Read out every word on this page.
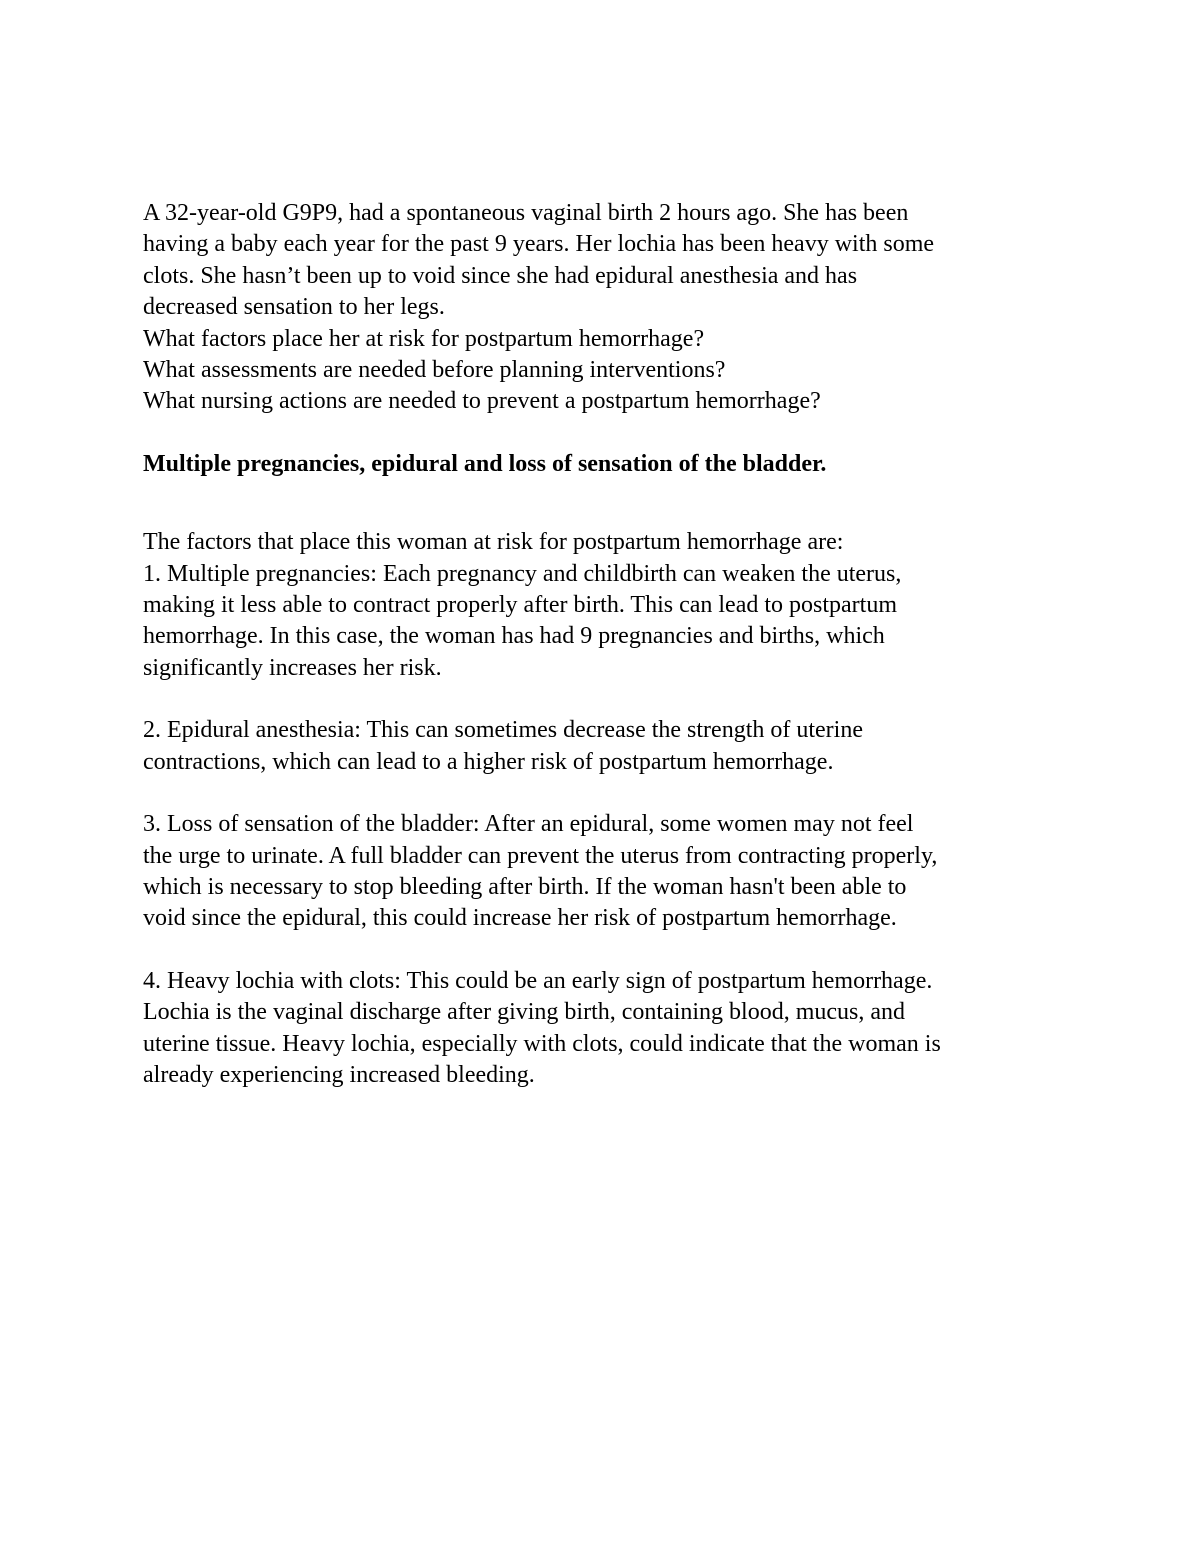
A 32-year-old G9P9, had a spontaneous vaginal birth 2 hours ago. She has been
having a baby each year for the past 9 years. Her lochia has been heavy with some
clots. She hasn’t been up to void since she had epidural anesthesia and has
decreased sensation to her legs.
What factors place her at risk for postpartum hemorrhage?
What assessments are needed before planning interventions?
What nursing actions are needed to prevent a postpartum hemorrhage?
Multiple pregnancies, epidural and loss of sensation of the bladder.
The factors that place this woman at risk for postpartum hemorrhage are:
1. Multiple pregnancies: Each pregnancy and childbirth can weaken the uterus,
making it less able to contract properly after birth. This can lead to postpartum
hemorrhage. In this case, the woman has had 9 pregnancies and births, which
significantly increases her risk.
2. Epidural anesthesia: This can sometimes decrease the strength of uterine
contractions, which can lead to a higher risk of postpartum hemorrhage.
3. Loss of sensation of the bladder: After an epidural, some women may not feel
the urge to urinate. A full bladder can prevent the uterus from contracting properly,
which is necessary to stop bleeding after birth. If the woman hasn't been able to
void since the epidural, this could increase her risk of postpartum hemorrhage.
4. Heavy lochia with clots: This could be an early sign of postpartum hemorrhage.
Lochia is the vaginal discharge after giving birth, containing blood, mucus, and
uterine tissue. Heavy lochia, especially with clots, could indicate that the woman is
already experiencing increased bleeding.
